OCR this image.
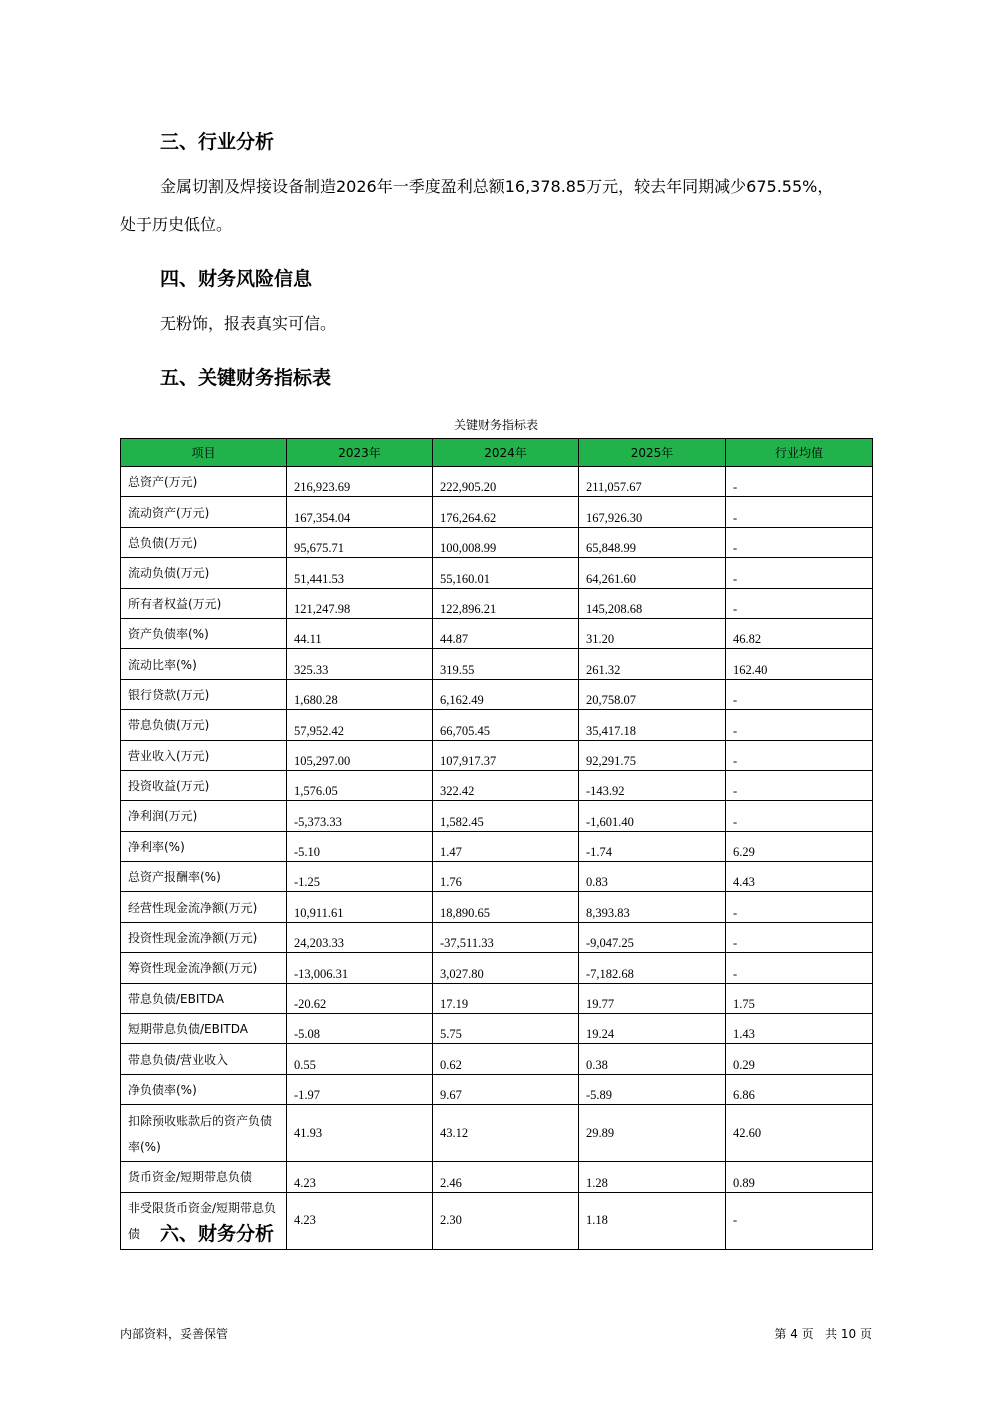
三、行业分析

金属切割及焊接设备制造2026年一季度盈利总额16,378.85万元，较去年同期减少675.55%，

处于历史低位。

四、财务风险信息

无粉饰，报表真实可信。

五、关键财务指标表
关键财务指标表
项目	2023年	2024年	2025年	行业均值
总资产(万元)	216,923.69	222,905.20	211,057.67	-
流动资产(万元)	167,354.04	176,264.62	167,926.30	-
总负债(万元)	95,675.71	100,008.99	65,848.99	-
流动负债(万元)	51,441.53	55,160.01	64,261.60	-
所有者权益(万元)	121,247.98	122,896.21	145,208.68	-
资产负债率(%)	44.11	44.87	31.20	46.82
流动比率(%)	325.33	319.55	261.32	162.40
银行贷款(万元)	1,680.28	6,162.49	20,758.07	-
带息负债(万元)	57,952.42	66,705.45	35,417.18	-
营业收入(万元)	105,297.00	107,917.37	92,291.75	-
投资收益(万元)	1,576.05	322.42	-143.92	-
净利润(万元)	-5,373.33	1,582.45	-1,601.40	-
净利率(%)	-5.10	1.47	-1.74	6.29
总资产报酬率(%)	-1.25	1.76	0.83	4.43
经营性现金流净额(万元)	10,911.61	18,890.65	8,393.83	-
投资性现金流净额(万元)	24,203.33	-37,511.33	-9,047.25	-
筹资性现金流净额(万元)	-13,006.31	3,027.80	-7,182.68	-
带息负债/EBITDA	-20.62	17.19	19.77	1.75
短期带息负债/EBITDA	-5.08	5.75	19.24	1.43
带息负债/营业收入	0.55	0.62	0.38	0.29
净负债率(%)	-1.97	9.67	-5.89	6.86
扣除预收账款后的资产负债率(%)	41.93	43.12	29.89	42.60
货币资金/短期带息负债	4.23	2.46	1.28	0.89
非受限货币资金/短期带息负债	4.23	2.30	1.18	-
六、财务分析
内部资料，妥善保管	第 4 页   共 10 页
